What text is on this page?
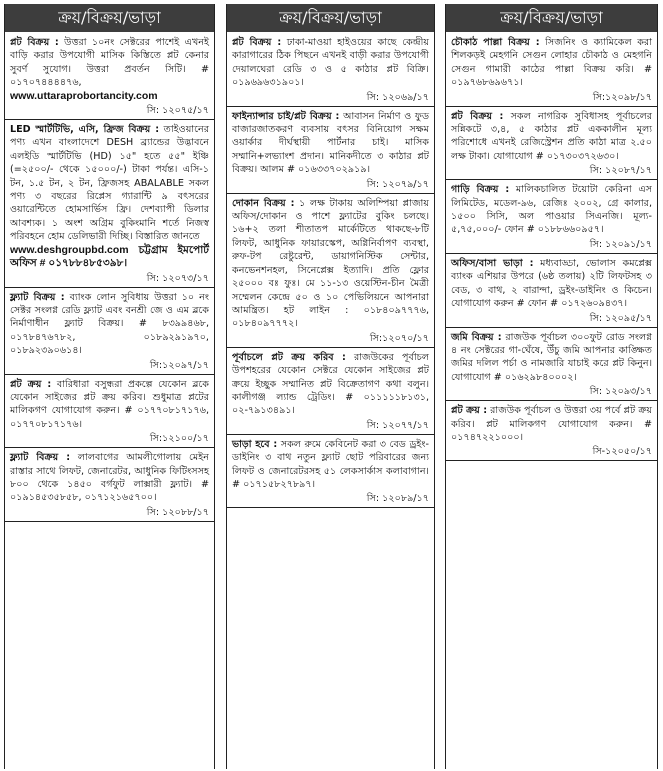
ক্রয়/বিক্রয়/ভাড়া
প্লট বিক্রয় : উত্তরা ১০নং সেক্টরের পাশেই এখনই বাড়ি করার উপযোগী মাসিক কিস্তিতে প্লট কেনার সুবর্ণ সুযোগ। উত্তরা প্রবর্তন সিটি। # ০১৭০৭৪৪৪৪৭৬,
www.uttaraprobortancity.com
সি: ১২০৭৫/১৭
LED স্মার্টটিভি, এসি, ফ্রিজ বিক্রয় : তাইওয়ানের পণ্য এখন বাংলাদেশে DESH ব্র্যান্ডের উদ্ভাবনে এলইডি স্মার্টটিভি (HD) ১৫" হতে ৫৫" ইঞ্চি (=২৫০০/- থেকে ১৫০০০/-) টাকা পর্যন্ত। এসি-১ টন, ১.৫ টন, ২ টন, ফ্রিজসহ ABALABLE সকল পণ্য ৩ বছরের রিপ্লেস গ্যারান্টি ৯ বৎসরের ওয়ারেন্টিতে হোমসার্ভিস ফ্রি। দেশব্যাপী ডিলার আবশ্যক। ১ অংশ অগ্রিম বুকিংমানি শর্তে নিজস্ব পরিবহনে হোম ডেলিভারী দিচ্ছি। বিস্তারিত জানতে
www.deshgroupbd.com চট্টগ্রাম ইমপোর্ট অফিস # ০১৭৮৮৪৮৫৩৯৮।
সি: ১২০৭৩/১৭
ফ্ল্যাট বিক্রয় : ব্যাংক লোন সুবিধায় উত্তরা ১০ নং সেক্টর সংলগ্ন রেডি ফ্ল্যাট এবং বনশ্রী জে ও এম ব্লকে নির্মাণাধীন ফ্ল্যাট বিক্রয়। # ৮৩৯৯৪৬৮, ০১৭৮৪৭৬৭৮২, ০১৮৯২৯১৯৭০, ০১৮৯২৩৯০৬১৪।
সি:১২০৯৭/১৭
প্লট ক্রয় : বারিধারা বসুন্ধরা প্রকল্পে যেকোন ব্লকে যেকোন সাইজের প্লট ক্রয় করিব। শুধুমাত্র প্লটের মালিকগণ যোগাযোগ করুন। # ০১৭৭০৮১৭১৭৬, ০১৭৭০৮১৭১৭৬।
সি:১২১০০/১৭
ফ্ল্যাট বিক্রয় : লালবাগের আমলীগোলায় মেইন রাস্তার সাথে লিফট, জেনারেটর, আধুনিক ফিটিংসসহ ৮০০ থেকে ১৪৫০ বর্গফুট লাক্সারী ফ্ল্যাট। # ০১৯১৪৫৩৫৮৫৮, ০১৭১২১৬৫৭০০।
সি: ১২০৮৮/১৭
ক্রয়/বিক্রয়/ভাড়া
প্লট বিক্রয় : ঢাকা-মাওয়া হাইওয়ের কাছে কেন্দ্রীয় কারাগারের ঠিক পিছনে এখনই বাড়ী করার উপযোগী দেয়ালঘেরা রেডি ৩ ও ৫ কাঠার প্লট বিক্রি। ০১৯৬৯৬৩১৯০১।
সি: ১২০৬৯/১৭
ফাইন্যান্সার চাই/প্লট বিক্রয় : আবাসন নির্মাণ ও ফুড বাজারজাতকরণ ব্যবসায় বৎসর বিনিয়োগ সক্ষম ওয়ার্কার দীর্ঘস্থায়ী পার্টনার চাই। মাসিক সম্মানি+লভ্যাংশ প্রদান। মানিকদীতে ৩ কাঠার প্লট বিক্রয়। আলম # ০১৬৩৩৭০২৯১৯।
সি: ১২০৭৯/১৭
দোকান বিক্রয় : ১ লক্ষ টাকায় অলিম্পিয়া প্লাজায় অফিস/দোকান ও পাশে ফ্ল্যাটের বুকিং চলছে। ১৬+২ তলা শীতাতপ মার্কেটিতে থাকছে-৮টি লিফট, আধুনিক ফায়ারস্কেপ, অগ্নিনির্বাপণ ব্যবস্থা, রুফ-টপ রেষ্টুরেন্ট, ডায়াগনিস্টিক সেন্টার, কনভেনশনহল, সিনেপ্লেক্স ইত্যাদি। প্রতি ফ্লোর ২৫০০০ বঃ ফুঃ। মে ১১-১৩ ওয়েস্টিন-চীন মৈত্রী সম্মেলন কেন্দ্রে ৫০ ও ১০ পেভিলিয়নে আপনারা আমন্ত্রিত। হট লাইন : ০১৮৪০৯৭৭৭৬, ০১৮৪০৯৭৭৭২।
সি:১২০৭০/১৭
পূর্বাচলে প্লট ক্রয় করিব : রাজউকের পূর্বাচল উপশহরের যেকোন সেক্টরে যেকোন সাইজের প্লট ক্রয়ে ইচ্ছুক সম্মানিত প্লট বিক্রেতাগণ কথা বলুন। কালীগঞ্জ ল্যান্ড ট্রেডিং। # ০১১১১১৮১৩১, ০২-৭৯১৩৪৯১।
সি: ১২০৭৭/১৭
ভাড়া হবে : সকল রুমে কেবিনেট করা ৩ বেড ড্রইং-ডাইনিং ৩ বাথ নতুন ফ্ল্যাট ছোট পরিবারের জন্য লিফট ও জেনারেটরসহ ৫১ লেকসার্কাস কলাবাগান। # ০১৭১৫৮২৭৮৯৭।
সি: ১২০৮৯/১৭
ক্রয়/বিক্রয়/ভাড়া
চৌকাঠ পাল্লা বিক্রয় : সিজনিং ও ক্যামিকেল করা শিলকড়ই মেহগনি সেগুন লোহার চৌকাঠ ও মেহগনি সেগুন গামারী কাঠের পাল্লা বিক্রয় করি। # ০১৯৭৬৮৬৯৬৭১।
সি:১২০৯৮/১৭
প্লট বিক্রয় : সকল নাগরিক সুবিধাসহ পূর্বাচলের সন্নিকটে ৩,৪, ৫ কাঠার প্লট এককালীন মূল্য পরিশোধে এখনই রেজিস্ট্রেশন প্রতি কাঠা মাত্র ২.৫০ লক্ষ টাকা। যোগাযোগ # ০১৭৩০৩৭২৬৩০।
সি: ১২০৮৭/১৭
গাড়ি বিক্রয় : মালিকচালিত টয়োটা কেরিনা এস লিমিটেড, মডেল-৯৬, রেজিঃ ২০০২, গ্রে কালার, ১৫০০ সিসি, অল পাওয়ার সিএনজি। মূল্য- ৫,৭৫,০০০/- ফোন # ০১৮৮৬৬০৯৫৭।
সি: ১২০৯১/১৭
অফিস/বাসা ভাড়া : মধ্যবাড্ডা, ভোলাস কমপ্লেক্স ব্যাংক এশিয়ার উপরে (৬ষ্ঠ তলায়) ২টি লিফটসহ ৩ বেড, ৩ বাথ, ২ বারান্দা, ড্রইং-ডাইনিং ও কিচেন। যোগাযোগ করুন # ফোন # ০১৭২৬০৯৪৩৭।
সি: ১২০৯৫/১৭
জমি বিক্রয় : রাজউক পূর্বাচল ৩০০ফুট রোড সংলগ্ন ৪ নং সেক্টরের গা-ঘেঁষে, উঁচু জমি আপনার কাঙ্ক্ষিত জমির দলিল পর্চা ও নামজারি যাচাই করে প্লট কিনুন। যোগাযোগ # ০১৬২৯৮৪০০০২।
সি: ১২০৯৩/১৭
প্লট ক্রয় : রাজউক পূর্বাচল ও উত্তরা ৩য় পর্বে প্লট ক্রয় করিব। প্লট মালিকগণ যোগাযোগ করুন। # ০১৭৪৭২২১০০০।
সি-১২০৫০/১৭
